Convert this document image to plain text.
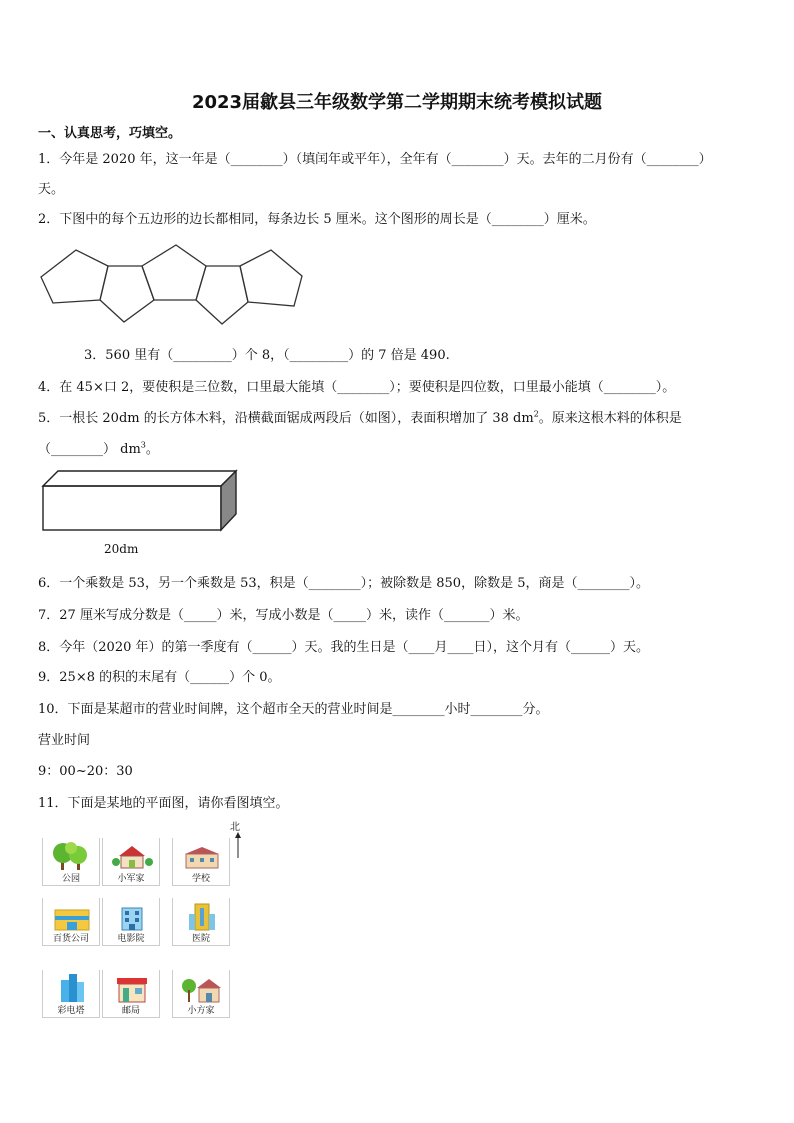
2023届歙县三年级数学第二学期期末统考模拟试题
一、认真思考，巧填空。
1．今年是 2020 年，这一年是（________）（填闰年或平年），全年有（________）天。去年的二月份有（________）
天。
2．下图中的每个五边形的边长都相同，每条边长 5 厘米。这个图形的周长是（________）厘米。
3．560 里有（_________）个 8，（_________）的 7 倍是 490.
4．在 45×口 2，要使积是三位数，口里最大能填（________）；要使积是四位数，口里最小能填（________）。
5．一根长 20dm 的长方体木料，沿横截面锯成两段后（如图），表面积增加了 38 $dm^2$。原来这根木料的体积是
（________） $dm^3$。
20dm
6．一个乘数是 53，另一个乘数是 53，积是（________）；被除数是 850，除数是 5，商是（________）。
7．27 厘米写成分数是（_____）米，写成小数是（_____）米，读作（_______）米。
8．今年（2020 年）的第一季度有（______）天。我的生日是（____月____日），这个月有（______）天。
9．25×8 的积的末尾有（______）个 0。
10．下面是某超市的营业时间牌，这个超市全天的营业时间是________小时________分。
营业时间
9：00~20：30
11．下面是某地的平面图，请你看图填空。
北
公园	小军家	学校
百货公司	电影院	医院
彩电塔	邮局	小方家
